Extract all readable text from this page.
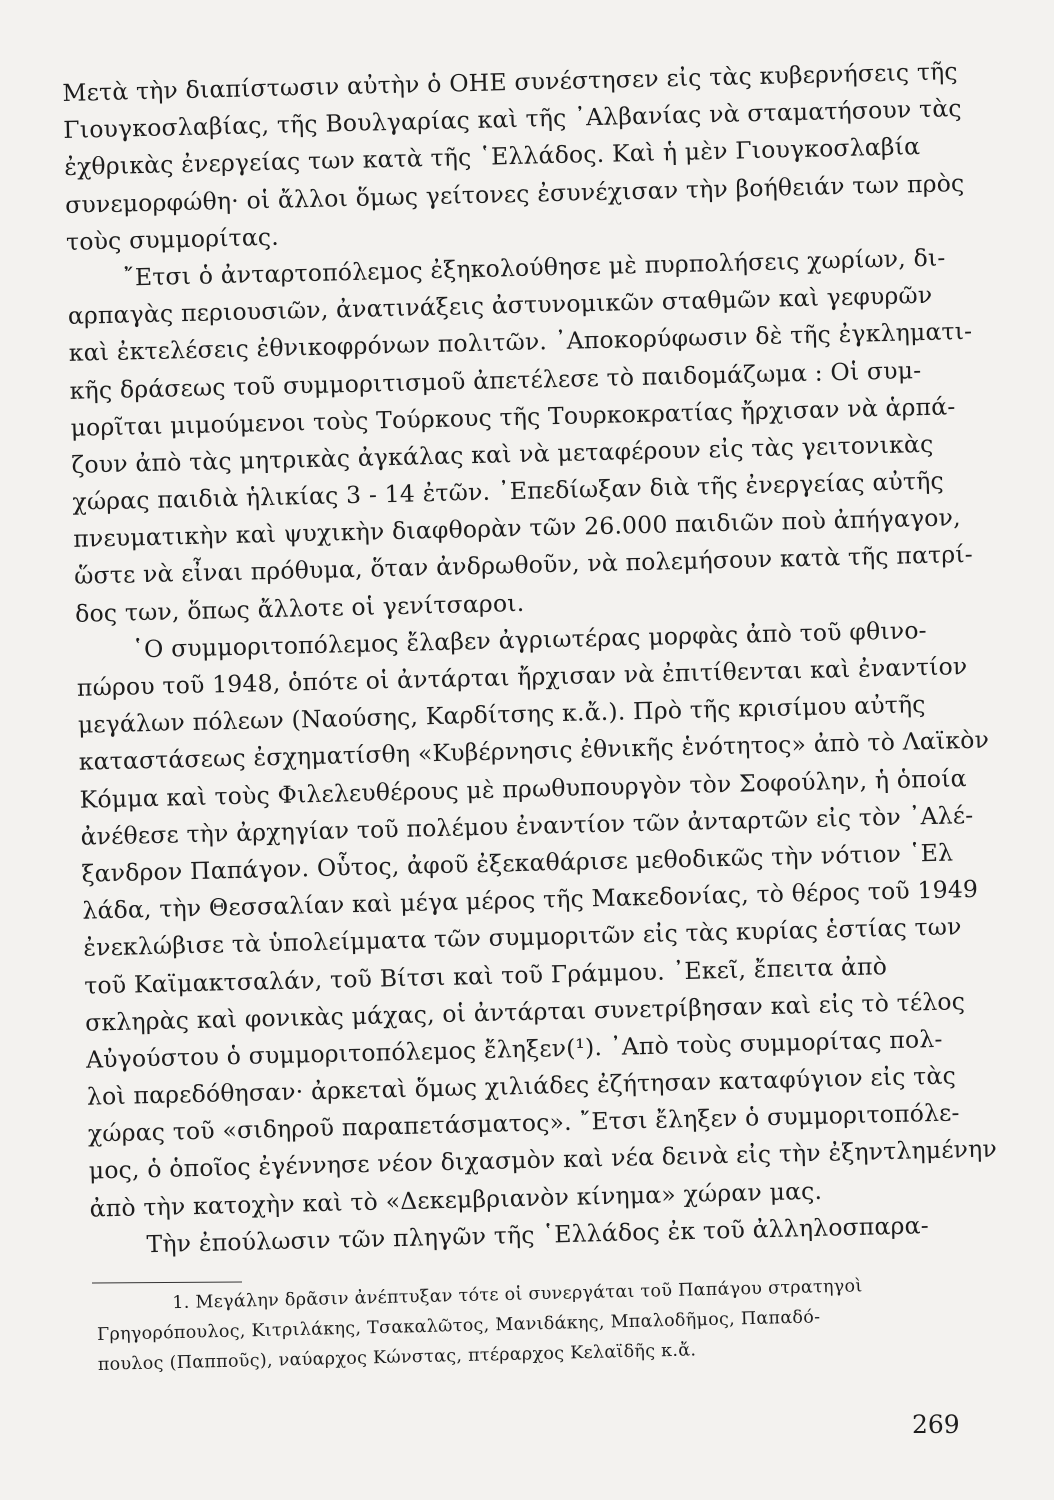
Μετὰ τὴν διαπίστωσιν αὐτὴν ὁ ΟΗΕ συνέστησεν εἰς τὰς κυβερνήσεις τῆς
Γιουγκοσλαβίας, τῆς Βουλγαρίας καὶ τῆς ᾿Αλβανίας νὰ σταματήσουν τὰς
ἐχθρικὰς ἐνεργείας των κατὰ τῆς ῾Ελλάδος. Καὶ ἡ μὲν Γιουγκοσλαβία
συνεμορφώθη· οἱ ἄλλοι ὅμως γείτονες ἐσυνέχισαν τὴν βοήθειάν των πρὸς
τοὺς συμμορίτας.
῎Ετσι ὁ ἀνταρτοπόλεμος ἐξηκολούθησε μὲ πυρπολήσεις χωρίων, δι-
αρπαγὰς περιουσιῶν, ἀνατινάξεις ἀστυνομικῶν σταθμῶν καὶ γεφυρῶν
καὶ ἐκτελέσεις ἐθνικοφρόνων πολιτῶν. ᾿Αποκορύφωσιν δὲ τῆς ἐγκληματι-
κῆς δράσεως τοῦ συμμοριτισμοῦ ἀπετέλεσε τὸ παιδομάζωμα : Οἱ συμ-
μορῖται μιμούμενοι τοὺς Τούρκους τῆς Τουρκοκρατίας ἤρχισαν νὰ ἁρπά-
ζουν ἀπὸ τὰς μητρικὰς ἀγκάλας καὶ νὰ μεταφέρουν εἰς τὰς γειτονικὰς
χώρας παιδιὰ ἡλικίας 3 - 14 ἐτῶν. ᾿Επεδίωξαν διὰ τῆς ἐνεργείας αὐτῆς
πνευματικὴν καὶ ψυχικὴν διαφθορὰν τῶν 26.000 παιδιῶν ποὺ ἀπήγαγον,
ὥστε νὰ εἶναι πρόθυμα, ὅταν ἀνδρωθοῦν, νὰ πολεμήσουν κατὰ τῆς πατρί-
δος των, ὅπως ἄλλοτε οἱ γενίτσαροι.
῾Ο συμμοριτοπόλεμος ἔλαβεν ἀγριωτέρας μορφὰς ἀπὸ τοῦ φθινο-
πώρου τοῦ 1948, ὁπότε οἱ ἀντάρται ἤρχισαν νὰ ἐπιτίθενται καὶ ἐναντίον
μεγάλων πόλεων (Ναούσης, Καρδίτσης κ.ἄ.). Πρὸ τῆς κρισίμου αὐτῆς
καταστάσεως ἐσχηματίσθη «Κυβέρνησις ἐθνικῆς ἑνότητος» ἀπὸ τὸ Λαϊκὸν
Κόμμα καὶ τοὺς Φιλελευθέρους μὲ πρωθυπουργὸν τὸν Σοφούλην, ἡ ὁποία
ἀνέθεσε τὴν ἀρχηγίαν τοῦ πολέμου ἐναντίον τῶν ἀνταρτῶν εἰς τὸν ᾿Αλέ-
ξανδρον Παπάγον. Οὗτος, ἀφοῦ ἐξεκαθάρισε μεθοδικῶς τὴν νότιον ῾Ελ
λάδα, τὴν Θεσσαλίαν καὶ μέγα μέρος τῆς Μακεδονίας, τὸ θέρος τοῦ 1949
ἐνεκλώβισε τὰ ὑπολείμματα τῶν συμμοριτῶν εἰς τὰς κυρίας ἑστίας των
τοῦ Καϊμακτσαλάν, τοῦ Βίτσι καὶ τοῦ Γράμμου. ᾿Εκεῖ, ἔπειτα ἀπὸ
σκληρὰς καὶ φονικὰς μάχας, οἱ ἀντάρται συνετρίβησαν καὶ εἰς τὸ τέλος
Αὐγούστου ὁ συμμοριτοπόλεμος ἔληξεν(¹). ᾿Απὸ τοὺς συμμορίτας πολ-
λοὶ παρεδόθησαν· ἀρκεταὶ ὅμως χιλιάδες ἐζήτησαν καταφύγιον εἰς τὰς
χώρας τοῦ «σιδηροῦ παραπετάσματος». ῎Ετσι ἔληξεν ὁ συμμοριτοπόλε-
μος, ὁ ὁποῖος ἐγέννησε νέον διχασμὸν καὶ νέα δεινὰ εἰς τὴν ἐξηντλημένην
ἀπὸ τὴν κατοχὴν καὶ τὸ «Δεκεμβριανὸν κίνημα» χώραν μας.
Τὴν ἐπούλωσιν τῶν πληγῶν τῆς ῾Ελλάδος ἐκ τοῦ ἀλληλοσπαρα-
1. Μεγάλην δρᾶσιν ἀνέπτυξαν τότε οἱ συνεργάται τοῦ Παπάγου στρατηγοὶ
Γρηγορόπουλος, Κιτριλάκης, Τσακαλῶτος, Μανιδάκης, Μπαλοδῆμος, Παπαδό-
πουλος (Παπποῦς), ναύαρχος Κώνστας, πτέραρχος Κελαϊδῆς κ.ἄ.
269
